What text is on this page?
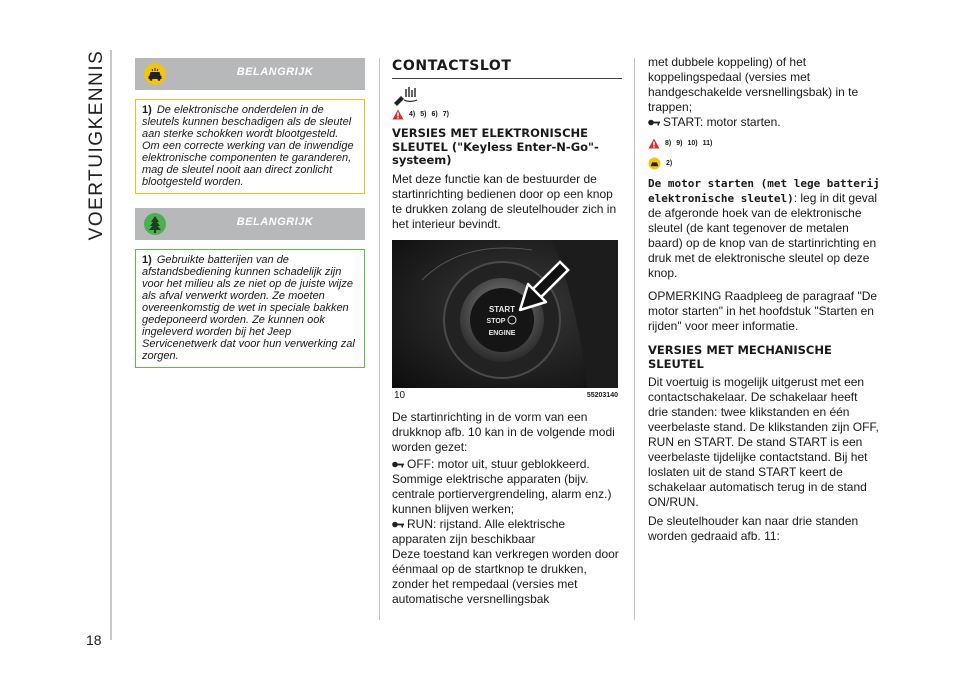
VOERTUIGKENNIS
18
BELANGRIJK
1) De elektronische onderdelen in de sleutels kunnen beschadigen als de sleutel aan sterke schokken wordt blootgesteld. Om een correcte werking van de inwendige elektronische componenten te garanderen, mag de sleutel nooit aan direct zonlicht blootgesteld worden.
BELANGRIJK
1) Gebruikte batterijen van de afstandsbediening kunnen schadelijk zijn voor het milieu als ze niet op de juiste wijze als afval verwerkt worden. Ze moeten overeenkomstig de wet in speciale bakken gedeponeerd worden. Ze kunnen ook ingeleverd worden bij het Jeep Servicenetwerk dat voor hun verwerking zal zorgen.
CONTACTSLOT
4) 5) 6) 7)
VERSIES MET ELEKTRONISCHE SLEUTEL ("Keyless Enter-N-Go"-systeem)

Met deze functie kan de bestuurder de startinrichting bedienen door op een knop te drukken zolang de sleutelhouder zich in het interieur bevindt.

START
STOP
ENGINE
10	55203140

De startinrichting in de vorm van een drukknop afb. 10 kan in de volgende modi worden gezet:

OFF: motor uit, stuur geblokkeerd. Sommige elektrische apparaten (bijv. centrale portiervergrendeling, alarm enz.) kunnen blijven werken;
RUN: rijstand. Alle elektrische apparaten zijn beschikbaar

Deze toestand kan verkregen worden door éénmaal op de startknop te drukken, zonder het rempedaal (versies met automatische versnellingsbak

met dubbele koppeling) of het koppelingspedaal (versies met handgeschakelde versnellingsbak) in te trappen;

START: motor starten.
8) 9) 10) 11)
2)

De motor starten (met lege batterij elektronische sleutel): leg in dit geval de afgeronde hoek van de elektronische sleutel (de kant tegenover de metalen baard) op de knop van de startinrichting en druk met de elektronische sleutel op deze knop.

OPMERKING Raadpleeg de paragraaf "De motor starten" in het hoofdstuk "Starten en rijden" voor meer informatie.

VERSIES MET MECHANISCHE SLEUTEL

Dit voertuig is mogelijk uitgerust met een contactschakelaar. De schakelaar heeft drie standen: twee klikstanden en één veerbelaste stand. De klikstanden zijn OFF, RUN en START. De stand START is een veerbelaste tijdelijke contactstand. Bij het loslaten uit de stand START keert de schakelaar automatisch terug in de stand ON/RUN.

De sleutelhouder kan naar drie standen worden gedraaid afb. 11:
